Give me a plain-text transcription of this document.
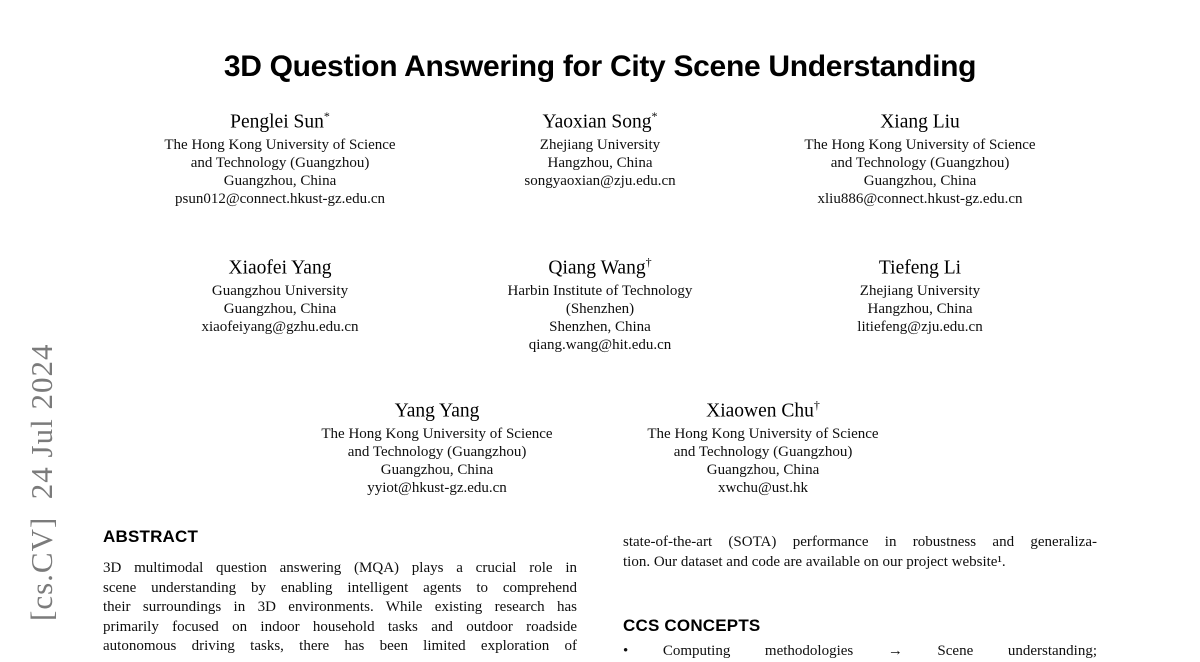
[cs.CV]  24 Jul 2024
3D Question Answering for City Scene Understanding
Penglei Sun*
The Hong Kong University of Science
and Technology (Guangzhou)
Guangzhou, China
psun012@connect.hkust-gz.edu.cn
Yaoxian Song*
Zhejiang University
Hangzhou, China
songyaoxian@zju.edu.cn
Xiang Liu
The Hong Kong University of Science
and Technology (Guangzhou)
Guangzhou, China
xliu886@connect.hkust-gz.edu.cn
Xiaofei Yang
Guangzhou University
Guangzhou, China
xiaofeiyang@gzhu.edu.cn
Qiang Wang†
Harbin Institute of Technology
(Shenzhen)
Shenzhen, China
qiang.wang@hit.edu.cn
Tiefeng Li
Zhejiang University
Hangzhou, China
litiefeng@zju.edu.cn
Yang Yang
The Hong Kong University of Science
and Technology (Guangzhou)
Guangzhou, China
yyiot@hkust-gz.edu.cn
Xiaowen Chu†
The Hong Kong University of Science
and Technology (Guangzhou)
Guangzhou, China
xwchu@ust.hk
ABSTRACT
3D multimodal question answering (MQA) plays a crucial role in
scene understanding by enabling intelligent agents to comprehend
their surroundings in 3D environments. While existing research has
primarily focused on indoor household tasks and outdoor roadside
autonomous driving tasks, there has been limited exploration of
state-of-the-art (SOTA) performance in robustness and generaliza-
tion. Our dataset and code are available on our project website¹.
CCS CONCEPTS
• Computing methodologies → Scene understanding;
